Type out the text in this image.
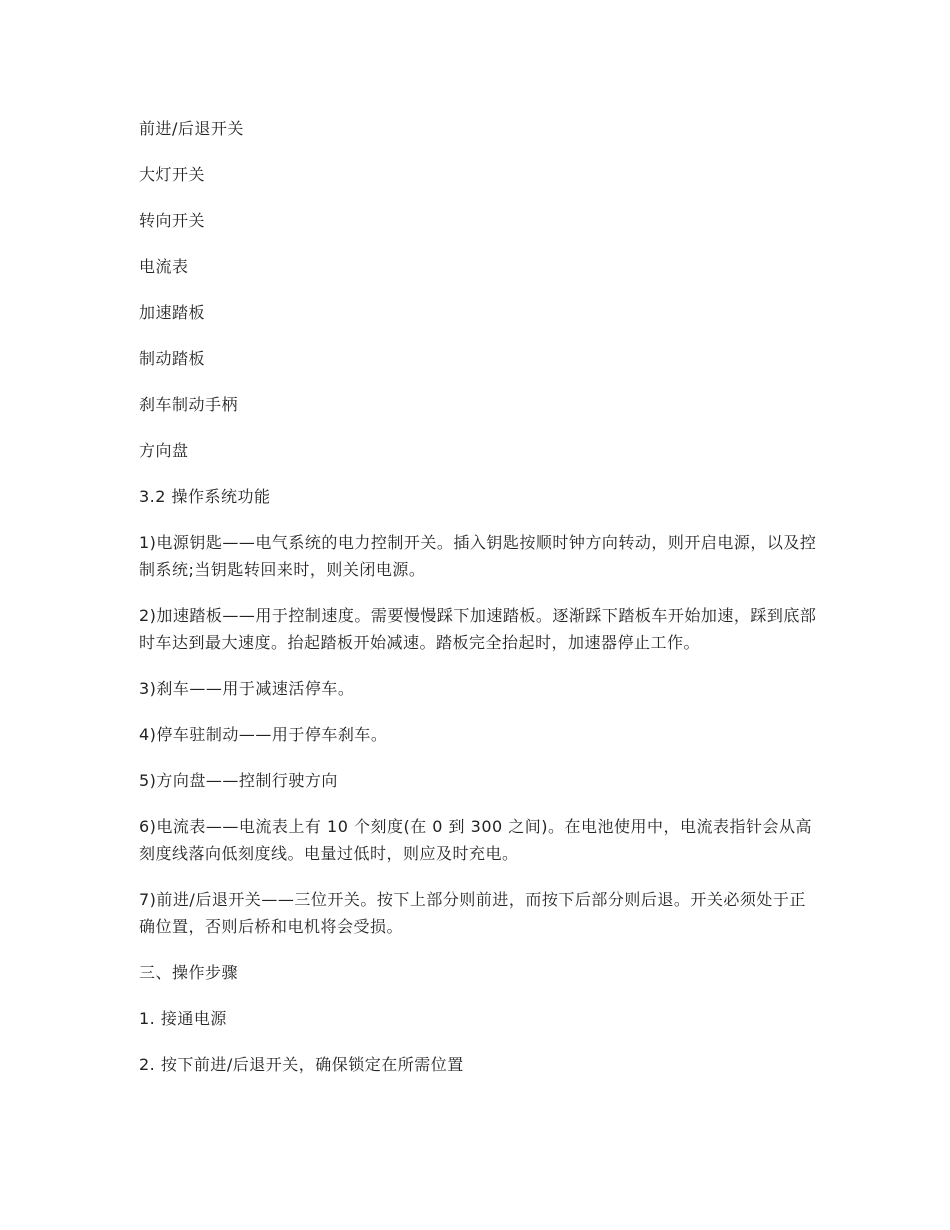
前进/后退开关

大灯开关

转向开关

电流表

加速踏板

制动踏板

刹车制动手柄

方向盘

3.2 操作系统功能

1)电源钥匙——电气系统的电力控制开关。插入钥匙按顺时钟方向转动，则开启电源，以及控制系统;当钥匙转回来时，则关闭电源。

2)加速踏板——用于控制速度。需要慢慢踩下加速踏板。逐渐踩下踏板车开始加速，踩到底部时车达到最大速度。抬起踏板开始减速。踏板完全抬起时，加速器停止工作。

3)刹车——用于减速活停车。

4)停车驻制动——用于停车刹车。

5)方向盘——控制行驶方向

6)电流表——电流表上有 10 个刻度(在 0 到 300 之间)。在电池使用中，电流表指针会从高刻度线落向低刻度线。电量过低时，则应及时充电。

7)前进/后退开关——三位开关。按下上部分则前进，而按下后部分则后退。开关必须处于正确位置，否则后桥和电机将会受损。

三、操作步骤

1. 接通电源

2. 按下前进/后退开关，确保锁定在所需位置
